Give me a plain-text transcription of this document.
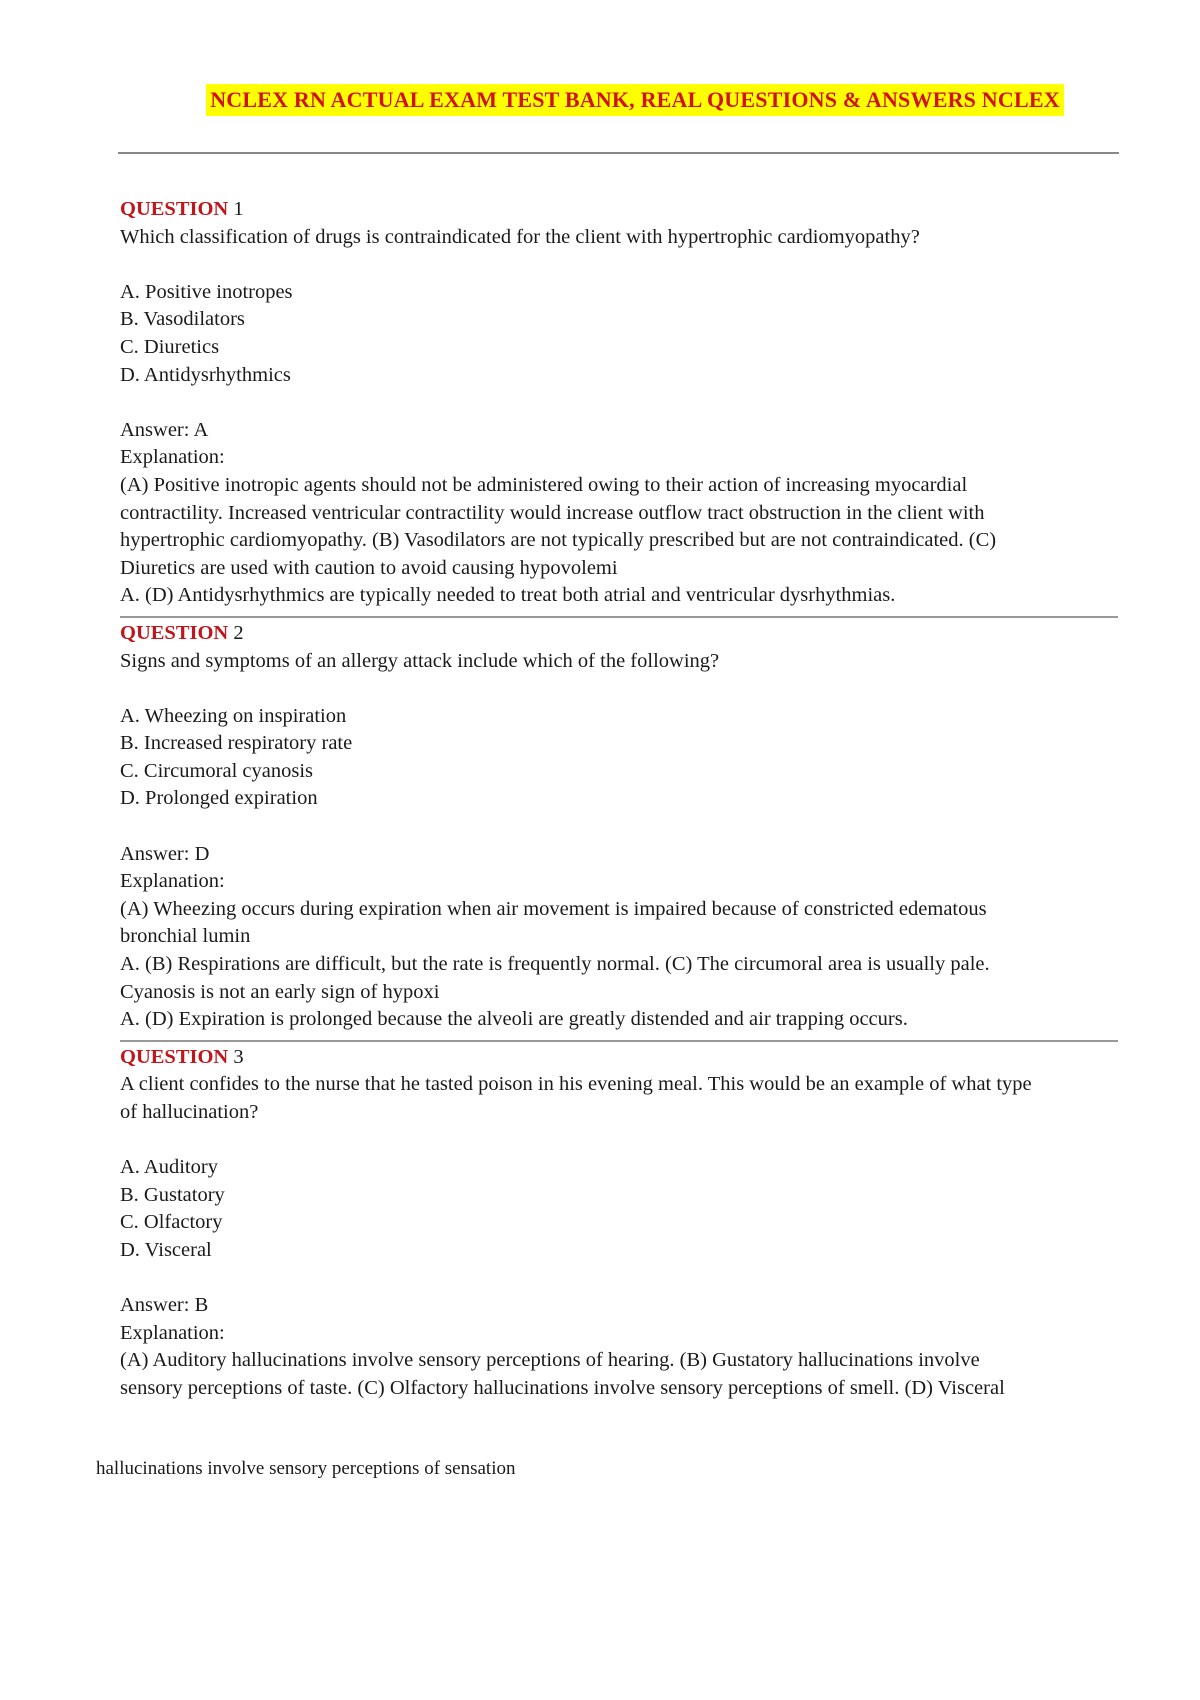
NCLEX RN ACTUAL EXAM TEST BANK, REAL QUESTIONS & ANSWERS NCLEX
QUESTION 1
Which classification of drugs is contraindicated for the client with hypertrophic cardiomyopathy?
A. Positive inotropes
B. Vasodilators
C. Diuretics
D. Antidysrhythmics
Answer: A
Explanation:
(A) Positive inotropic agents should not be administered owing to their action of increasing myocardial
contractility. Increased ventricular contractility would increase outflow tract obstruction in the client with
hypertrophic cardiomyopathy. (B) Vasodilators are not typically prescribed but are not contraindicated. (C)
Diuretics are used with caution to avoid causing hypovolemi
A. (D) Antidysrhythmics are typically needed to treat both atrial and ventricular dysrhythmias.
QUESTION 2
Signs and symptoms of an allergy attack include which of the following?
A. Wheezing on inspiration
B. Increased respiratory rate
C. Circumoral cyanosis
D. Prolonged expiration
Answer: D
Explanation:
(A) Wheezing occurs during expiration when air movement is impaired because of constricted edematous
bronchial lumin
A. (B) Respirations are difficult, but the rate is frequently normal. (C) The circumoral area is usually pale.
Cyanosis is not an early sign of hypoxi
A. (D) Expiration is prolonged because the alveoli are greatly distended and air trapping occurs.
QUESTION 3
A client confides to the nurse that he tasted poison in his evening meal. This would be an example of what type
of hallucination?
A. Auditory
B. Gustatory
C. Olfactory
D. Visceral
Answer: B
Explanation:
(A) Auditory hallucinations involve sensory perceptions of hearing. (B) Gustatory hallucinations involve
sensory perceptions of taste. (C) Olfactory hallucinations involve sensory perceptions of smell. (D) Visceral
hallucinations involve sensory perceptions of sensation
